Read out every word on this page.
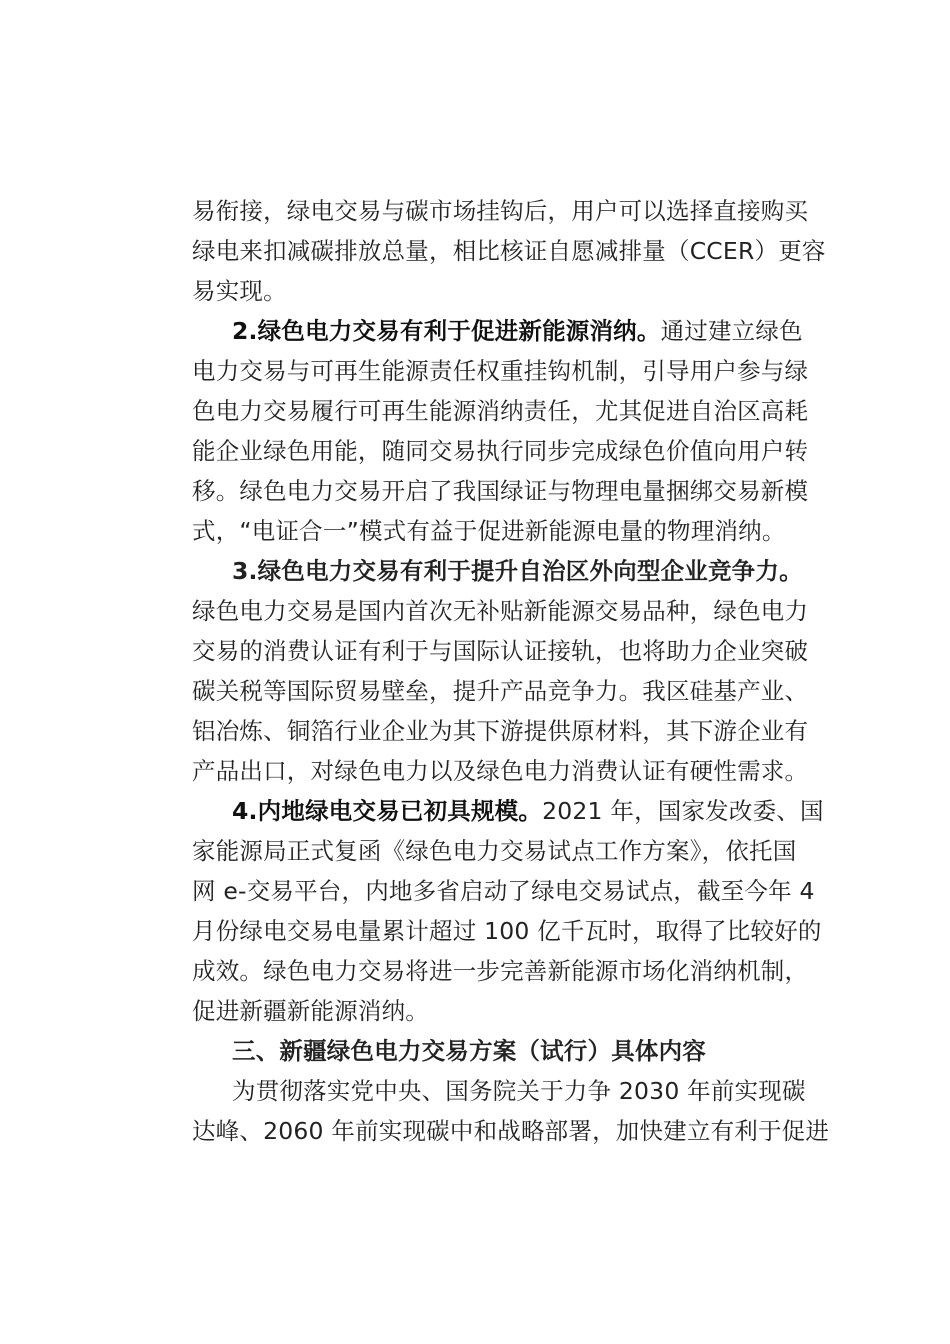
易衔接，绿电交易与碳市场挂钩后，用户可以选择直接购买
绿电来扣减碳排放总量，相比核证自愿减排量（CCER）更容
易实现。
2.绿色电力交易有利于促进新能源消纳。通过建立绿色
电力交易与可再生能源责任权重挂钩机制，引导用户参与绿
色电力交易履行可再生能源消纳责任，尤其促进自治区高耗
能企业绿色用能，随同交易执行同步完成绿色价值向用户转
移。绿色电力交易开启了我国绿证与物理电量捆绑交易新模
式，“电证合一”模式有益于促进新能源电量的物理消纳。
3.绿色电力交易有利于提升自治区外向型企业竞争力。
绿色电力交易是国内首次无补贴新能源交易品种，绿色电力
交易的消费认证有利于与国际认证接轨，也将助力企业突破
碳关税等国际贸易壁垒，提升产品竞争力。我区硅基产业、
铝冶炼、铜箔行业企业为其下游提供原材料，其下游企业有
产品出口，对绿色电力以及绿色电力消费认证有硬性需求。
4.内地绿电交易已初具规模。2021 年，国家发改委、国
家能源局正式复函《绿色电力交易试点工作方案》，依托国
网 e-交易平台，内地多省启动了绿电交易试点，截至今年 4
月份绿电交易电量累计超过 100 亿千瓦时，取得了比较好的
成效。绿色电力交易将进一步完善新能源市场化消纳机制，
促进新疆新能源消纳。
三、新疆绿色电力交易方案（试行）具体内容
为贯彻落实党中央、国务院关于力争 2030 年前实现碳
达峰、2060 年前实现碳中和战略部署，加快建立有利于促进
